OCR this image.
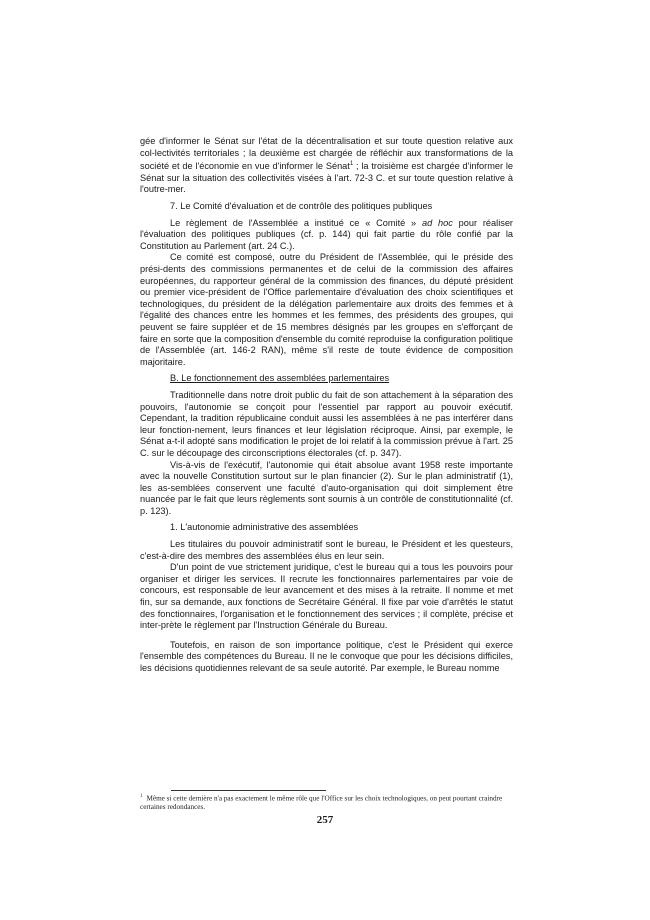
gée d'informer le Sénat sur l'état de la décentralisation et sur toute question relative aux col-lectivités territoriales ; la deuxième est chargée de réfléchir aux transformations de la société et de l'économie en vue d'informer le Sénat$^1$ ; la troisième est chargée d'informer le Sénat sur la situation des collectivités visées à l'art. 72-3 C. et sur toute question relative à l'outre-mer.

7. Le Comité d'évaluation et de contrôle des politiques publiques

Le règlement de l'Assemblée a institué ce « Comité » ad hoc pour réaliser l'évaluation des politiques publiques (cf. p. 144) qui fait partie du rôle confié par la Constitution au Parlement (art. 24 C.).

Ce comité est composé, outre du Président de l'Assemblée, qui le préside des prési-dents des commissions permanentes et de celui de la commission des affaires européennes, du rapporteur général de la commission des finances, du député président ou premier vice-président de l'Office parlementaire d'évaluation des choix scientifiques et technologiques, du président de la délégation parlementaire aux droits des femmes et à l'égalité des chances entre les hommes et les femmes, des présidents des groupes, qui peuvent se faire suppléer et de 15 membres désignés par les groupes en s'efforçant de faire en sorte que la composition d'ensemble du comité reproduise la configuration politique de l'Assemblée (art. 146-2 RAN), même s'il reste de toute évidence de composition majoritaire.

B. Le fonctionnement des assemblées parlementaires

Traditionnelle dans notre droit public du fait de son attachement à la séparation des pouvoirs, l'autonomie se conçoit pour l'essentiel par rapport au pouvoir exécutif. Cependant, la tradition républicaine conduit aussi les assemblées à ne pas interférer dans leur fonction-nement, leurs finances et leur législation réciproque. Ainsi, par exemple, le Sénat a-t-il adopté sans modification le projet de loi relatif à la commission prévue à l'art. 25 C. sur le découpage des circonscriptions électorales (cf. p. 347).

Vis-à-vis de l'exécutif, l'autonomie qui était absolue avant 1958 reste importante avec la nouvelle Constitution surtout sur le plan financier (2). Sur le plan administratif (1), les as-semblées conservent une faculté d'auto-organisation qui doit simplement être nuancée par le fait que leurs règlements sont soumis à un contrôle de constitutionnalité (cf. p. 123).

1. L'autonomie administrative des assemblées

Les titulaires du pouvoir administratif sont le bureau, le Président et les questeurs, c'est-à-dire des membres des assemblées élus en leur sein.

D'un point de vue strictement juridique, c'est le bureau qui a tous les pouvoirs pour organiser et diriger les services. Il recrute les fonctionnaires parlementaires par voie de concours, est responsable de leur avancement et des mises à la retraite. Il nomme et met fin, sur sa demande, aux fonctions de Secrétaire Général. Il fixe par voie d'arrêtés le statut des fonctionnaires, l'organisation et le fonctionnement des services ; il complète, précise et inter-prète le règlement par l'Instruction Générale du Bureau.

Toutefois, en raison de son importance politique, c'est le Président qui exerce l'ensemble des compétences du Bureau. Il ne le convoque que pour les décisions difficiles, les décisions quotidiennes relevant de sa seule autorité. Par exemple, le Bureau nomme

$^1$ Même si cette dernière n'a pas exactement le même rôle que l'Office sur les choix technologiques, on peut pourtant craindre certaines redondances.
257
